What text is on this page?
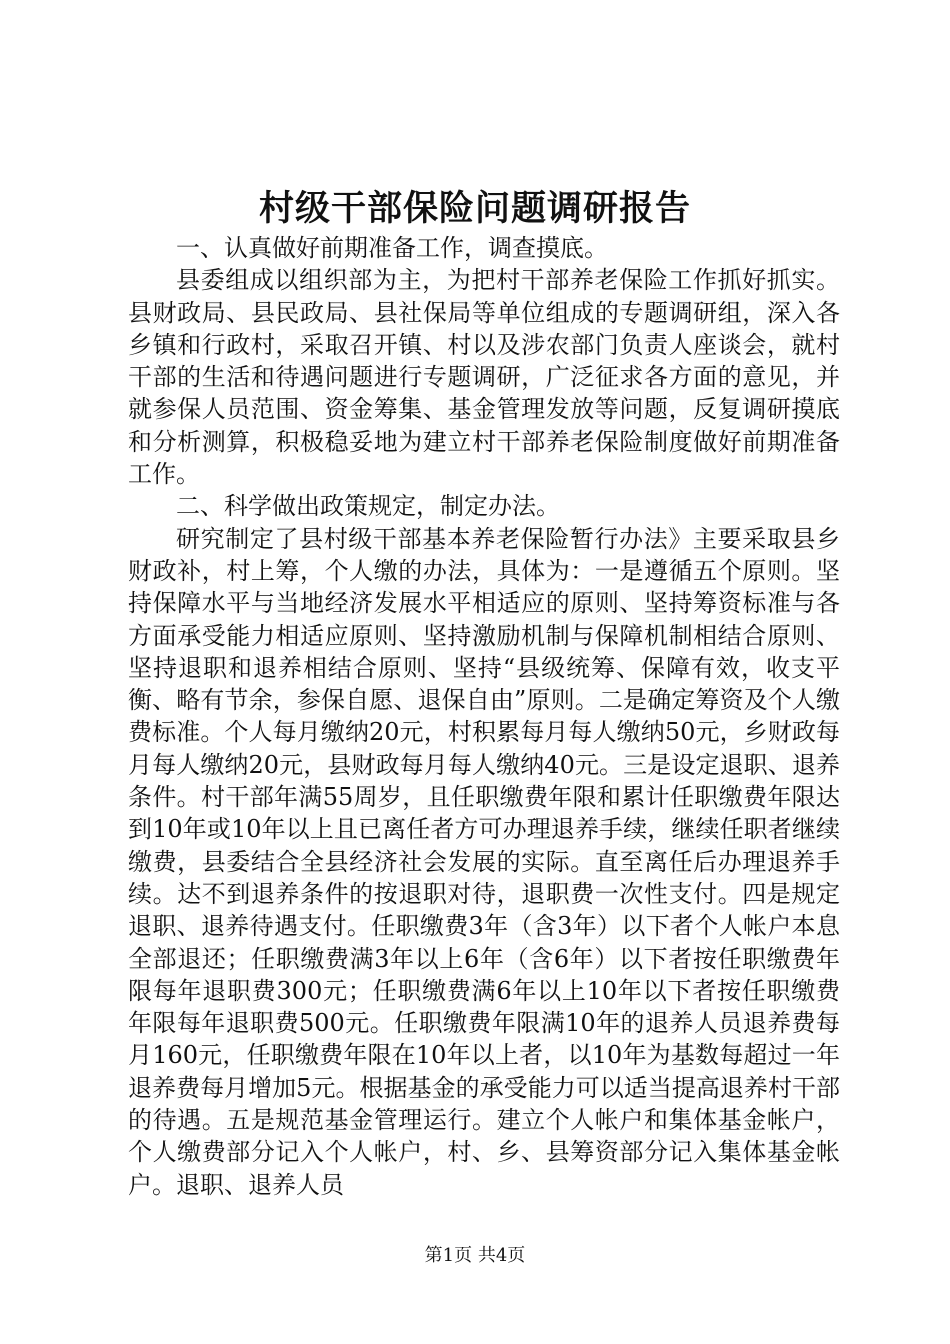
村级干部保险问题调研报告

一、认真做好前期准备工作，调查摸底。

县委组成以组织部为主，为把村干部养老保险工作抓好抓实。县财政局、县民政局、县社保局等单位组成的专题调研组，深入各乡镇和行政村，采取召开镇、村以及涉农部门负责人座谈会，就村干部的生活和待遇问题进行专题调研，广泛征求各方面的意见，并就参保人员范围、资金筹集、基金管理发放等问题，反复调研摸底和分析测算，积极稳妥地为建立村干部养老保险制度做好前期准备工作。

二、科学做出政策规定，制定办法。

研究制定了县村级干部基本养老保险暂行办法》主要采取县乡财政补，村上筹，个人缴的办法，具体为：一是遵循五个原则。坚持保障水平与当地经济发展水平相适应的原则、坚持筹资标准与各方面承受能力相适应原则、坚持激励机制与保障机制相结合原则、坚持退职和退养相结合原则、坚持“县级统筹、保障有效，收支平衡、略有节余，参保自愿、退保自由”原则。二是确定筹资及个人缴费标准。个人每月缴纳20元，村积累每月每人缴纳50元，乡财政每月每人缴纳20元，县财政每月每人缴纳40元。三是设定退职、退养条件。村干部年满55周岁，且任职缴费年限和累计任职缴费年限达到10年或10年以上且已离任者方可办理退养手续，继续任职者继续缴费，县委结合全县经济社会发展的实际。直至离任后办理退养手续。达不到退养条件的按退职对待，退职费一次性支付。四是规定退职、退养待遇支付。任职缴费3年（含3年）以下者个人帐户本息全部退还；任职缴费满3年以上6年（含6年）以下者按任职缴费年限每年退职费300元；任职缴费满6年以上10年以下者按任职缴费年限每年退职费500元。任职缴费年限满10年的退养人员退养费每月160元，任职缴费年限在10年以上者，以10年为基数每超过一年退养费每月增加5元。根据基金的承受能力可以适当提高退养村干部的待遇。五是规范基金管理运行。建立个人帐户和集体基金帐户，个人缴费部分记入个人帐户，村、乡、县筹资部分记入集体基金帐户。退职、退养人员

第1页 共4页
